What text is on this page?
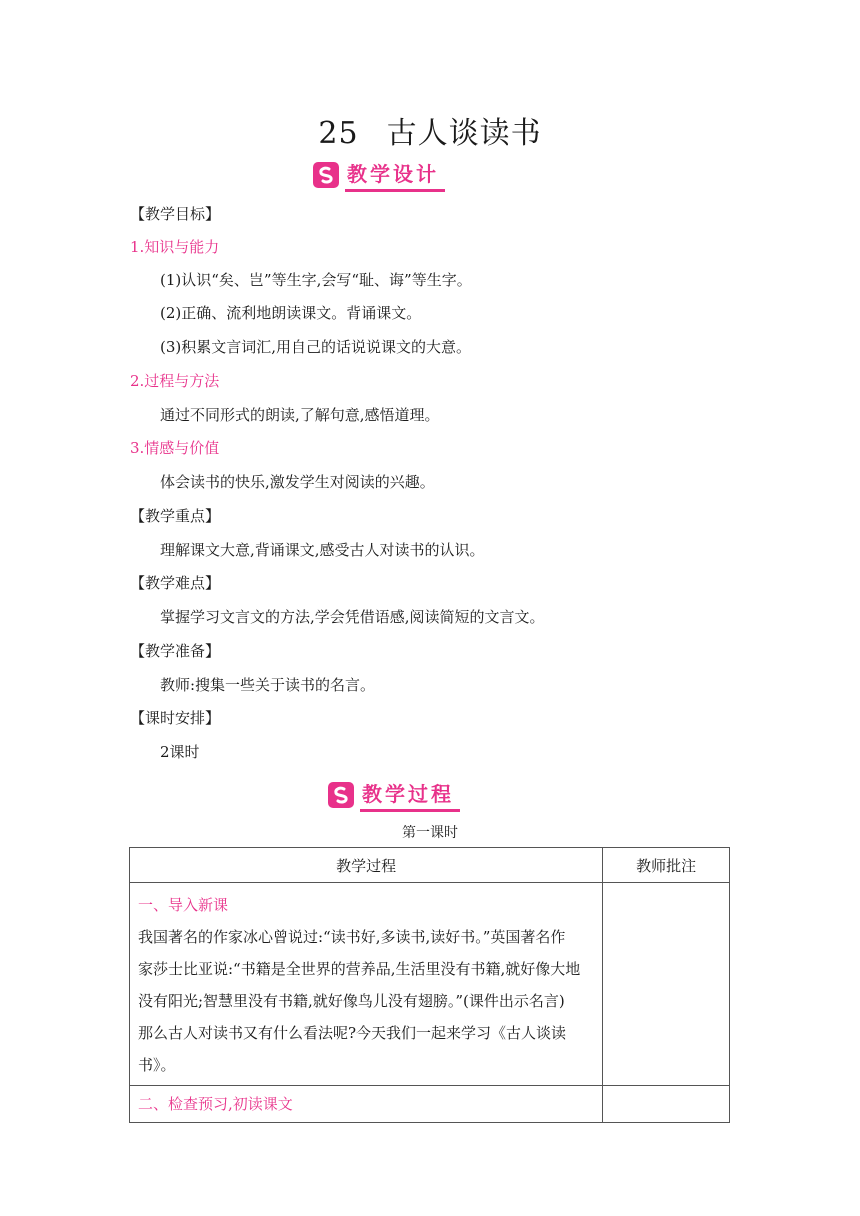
25 古人谈读书
教学设计
【教学目标】
1.知识与能力
(1)认识“矣、岂”等生字,会写“耻、诲”等生字。
(2)正确、流利地朗读课文。背诵课文。
(3)积累文言词汇,用自己的话说说课文的大意。
2.过程与方法
通过不同形式的朗读,了解句意,感悟道理。
3.情感与价值
体会读书的快乐,激发学生对阅读的兴趣。
【教学重点】
理解课文大意,背诵课文,感受古人对读书的认识。
【教学难点】
掌握学习文言文的方法,学会凭借语感,阅读简短的文言文。
【教学准备】
教师:搜集一些关于读书的名言。
【课时安排】
2课时
教学过程
第一课时
教学过程	教师批注

一、导入新课

我国著名的作家冰心曾说过:“读书好,多读书,读好书。”英国著名作

家莎士比亚说:“书籍是全世界的营养品,生活里没有书籍,就好像大地

没有阳光;智慧里没有书籍,就好像鸟儿没有翅膀。”(课件出示名言)

那么古人对读书又有什么看法呢?今天我们一起来学习《古人谈读书》。	

二、检查预习,初读课文	
